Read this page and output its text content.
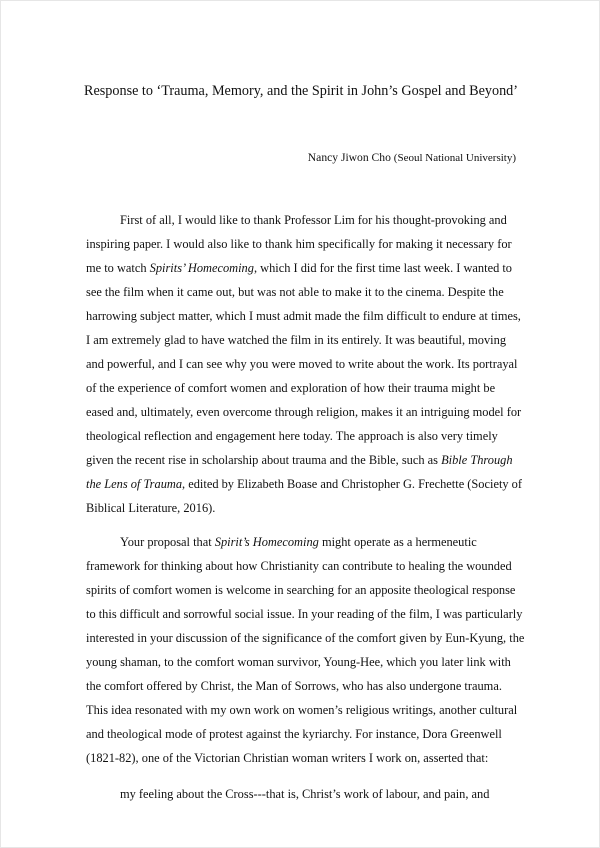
Response to ‘Trauma, Memory, and the Spirit in John’s Gospel and Beyond’
Nancy Jiwon Cho (Seoul National University)
First of all, I would like to thank Professor Lim for his thought-provoking and
inspiring paper. I would also like to thank him specifically for making it necessary for
me to watch Spirits’ Homecoming, which I did for the first time last week. I wanted to
see the film when it came out, but was not able to make it to the cinema. Despite the
harrowing subject matter, which I must admit made the film difficult to endure at times,
I am extremely glad to have watched the film in its entirely. It was beautiful, moving
and powerful, and I can see why you were moved to write about the work. Its portrayal
of the experience of comfort women and exploration of how their trauma might be
eased and, ultimately, even overcome through religion, makes it an intriguing model for
theological reflection and engagement here today. The approach is also very timely
given the recent rise in scholarship about trauma and the Bible, such as Bible Through
the Lens of Trauma, edited by Elizabeth Boase and Christopher G. Frechette (Society of
Biblical Literature, 2016).
Your proposal that Spirit’s Homecoming might operate as a hermeneutic
framework for thinking about how Christianity can contribute to healing the wounded
spirits of comfort women is welcome in searching for an apposite theological response
to this difficult and sorrowful social issue. In your reading of the film, I was particularly
interested in your discussion of the significance of the comfort given by Eun-Kyung, the
young shaman, to the comfort woman survivor, Young-Hee, which you later link with
the comfort offered by Christ, the Man of Sorrows, who has also undergone trauma.
This idea resonated with my own work on women’s religious writings, another cultural
and theological mode of protest against the kyriarchy. For instance, Dora Greenwell
(1821-82), one of the Victorian Christian woman writers I work on, asserted that:
my feeling about the Cross---that is, Christ’s work of labour, and pain, and
